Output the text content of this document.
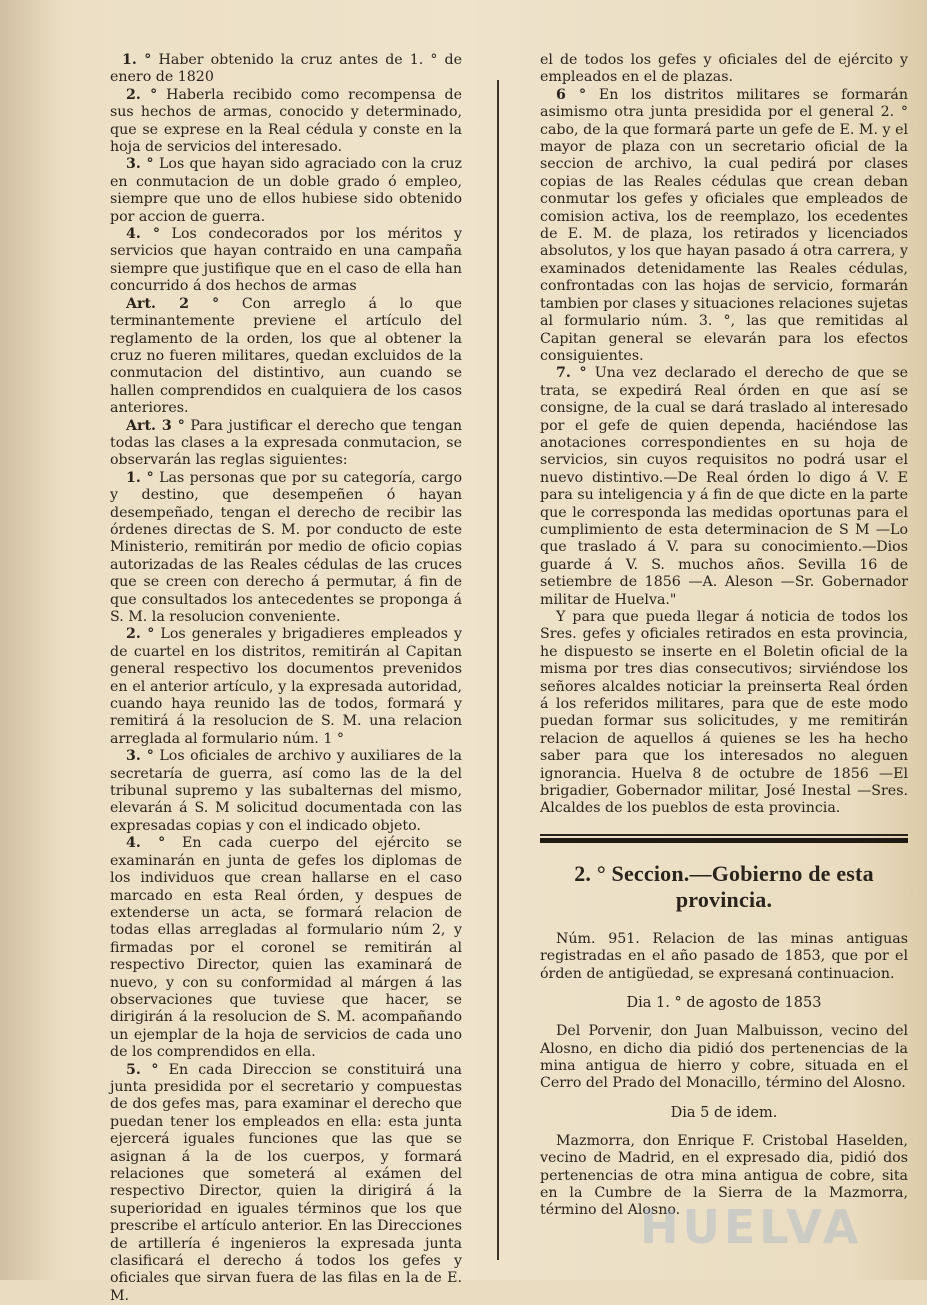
1. ° Haber obtenido la cruz antes de 1. ° de enero de 1820

2. ° Haberla recibido como recompensa de sus hechos de armas, conocido y determinado, que se exprese en la Real cédula y conste en la hoja de servicios del interesado.

3. ° Los que hayan sido agraciado con la cruz en conmutacion de un doble grado ó empleo, siempre que uno de ellos hubiese sido obtenido por accion de guerra.

4. ° Los condecorados por los méritos y servicios que hayan contraido en una campaña siempre que justifique que en el caso de ella han concurrido á dos hechos de armas

Art. 2 ° Con arreglo á lo que terminantemente previene el artículo del reglamento de la orden, los que al obtener la cruz no fueren militares, quedan excluidos de la conmutacion del distintivo, aun cuando se hallen comprendidos en cualquiera de los casos anteriores.

Art. 3 ° Para justificar el derecho que tengan todas las clases a la expresada conmutacion, se observarán las reglas siguientes:

1. ° Las personas que por su categoría, cargo y destino, que desempeñen ó hayan desempeñado, tengan el derecho de recibir las órdenes directas de S. M. por conducto de este Ministerio, remitirán por medio de oficio copias autorizadas de las Reales cédulas de las cruces que se creen con derecho á permutar, á fin de que consultados los antecedentes se proponga á S. M. la resolucion conveniente.

2. ° Los generales y brigadieres empleados y de cuartel en los distritos, remitirán al Capitan general respectivo los documentos prevenidos en el anterior artículo, y la expresada autoridad, cuando haya reunido las de todos, formará y remitirá á la resolucion de S. M. una relacion arreglada al formulario núm. 1 °

3. ° Los oficiales de archivo y auxiliares de la secretaría de guerra, así como las de la del tribunal supremo y las subalternas del mismo, elevarán á S. M solicitud documentada con las expresadas copias y con el indicado objeto.

4. ° En cada cuerpo del ejército se examinarán en junta de gefes los diplomas de los individuos que crean hallarse en el caso marcado en esta Real órden, y despues de extenderse un acta, se formará relacion de todas ellas arregladas al formulario núm 2, y firmadas por el coronel se remitirán al respectivo Director, quien las examinará de nuevo, y con su conformidad al márgen á las observaciones que tuviese que hacer, se dirigirán á la resolucion de S. M. acompañando un ejemplar de la hoja de servicios de cada uno de los comprendidos en ella.

5. ° En cada Direccion se constituirá una junta presidida por el secretario y compuestas de dos gefes mas, para examinar el derecho que puedan tener los empleados en ella: esta junta ejercerá iguales funciones que las que se asignan á la de los cuerpos, y formará relaciones que someterá al exámen del respectivo Director, quien la dirigirá á la superioridad en iguales términos que los que prescribe el artículo anterior. En las Direcciones de artillería é ingenieros la expresada junta clasificará el derecho á todos los gefes y oficiales que sirvan fuera de las filas en la de E. M.

el de todos los gefes y oficiales del de ejército y empleados en el de plazas.

6 ° En los distritos militares se formarán asimismo otra junta presidida por el general 2. ° cabo, de la que formará parte un gefe de E. M. y el mayor de plaza con un secretario oficial de la seccion de archivo, la cual pedirá por clases copias de las Reales cédulas que crean deban conmutar los gefes y oficiales que empleados de comision activa, los de reemplazo, los ecedentes de E. M. de plaza, los retirados y licenciados absolutos, y los que hayan pasado á otra carrera, y examinados detenidamente las Reales cédulas, confrontadas con las hojas de servicio, formarán tambien por clases y situaciones relaciones sujetas al formulario núm. 3. °, las que remitidas al Capitan general se elevarán para los efectos consiguientes.

7. ° Una vez declarado el derecho de que se trata, se expedirá Real órden en que así se consigne, de la cual se dará traslado al interesado por el gefe de quien dependa, haciéndose las anotaciones correspondientes en su hoja de servicios, sin cuyos requisitos no podrá usar el nuevo distintivo.—De Real órden lo digo á V. E para su inteligencia y á fin de que dicte en la parte que le corresponda las medidas oportunas para el cumplimiento de esta determinacion de S M —Lo que traslado á V. para su conocimiento.—Dios guarde á V. S. muchos años. Sevilla 16 de setiembre de 1856 —A. Aleson —Sr. Gobernador militar de Huelva."

Y para que pueda llegar á noticia de todos los Sres. gefes y oficiales retirados en esta provincia, he dispuesto se inserte en el Boletin oficial de la misma por tres dias consecutivos; sirviéndose los señores alcaldes noticiar la preinserta Real órden á los referidos militares, para que de este modo puedan formar sus solicitudes, y me remitirán relacion de aquellos á quienes se les ha hecho saber para que los interesados no aleguen ignorancia. Huelva 8 de octubre de 1856 —El brigadier, Gobernador militar, José Inestal —Sres. Alcaldes de los pueblos de esta provincia.

2. ° Seccion.—Gobierno de esta provincia.

Núm. 951. Relacion de las minas antiguas registradas en el año pasado de 1853, que por el órden de antigüedad, se expresaná continuacion.

Dia 1. ° de agosto de 1853

Del Porvenir, don Juan Malbuisson, vecino del Alosno, en dicho dia pidió dos pertenencias de la mina antigua de hierro y cobre, situada en el Cerro del Prado del Monacillo, término del Alosno.

Dia 5 de idem.

Mazmorra, don Enrique F. Cristobal Haselden, vecino de Madrid, en el expresado dia, pidió dos pertenencias de otra mina antigua de cobre, sita en la Cumbre de la Sierra de la Mazmorra, término del Alosno.

HUELVA
